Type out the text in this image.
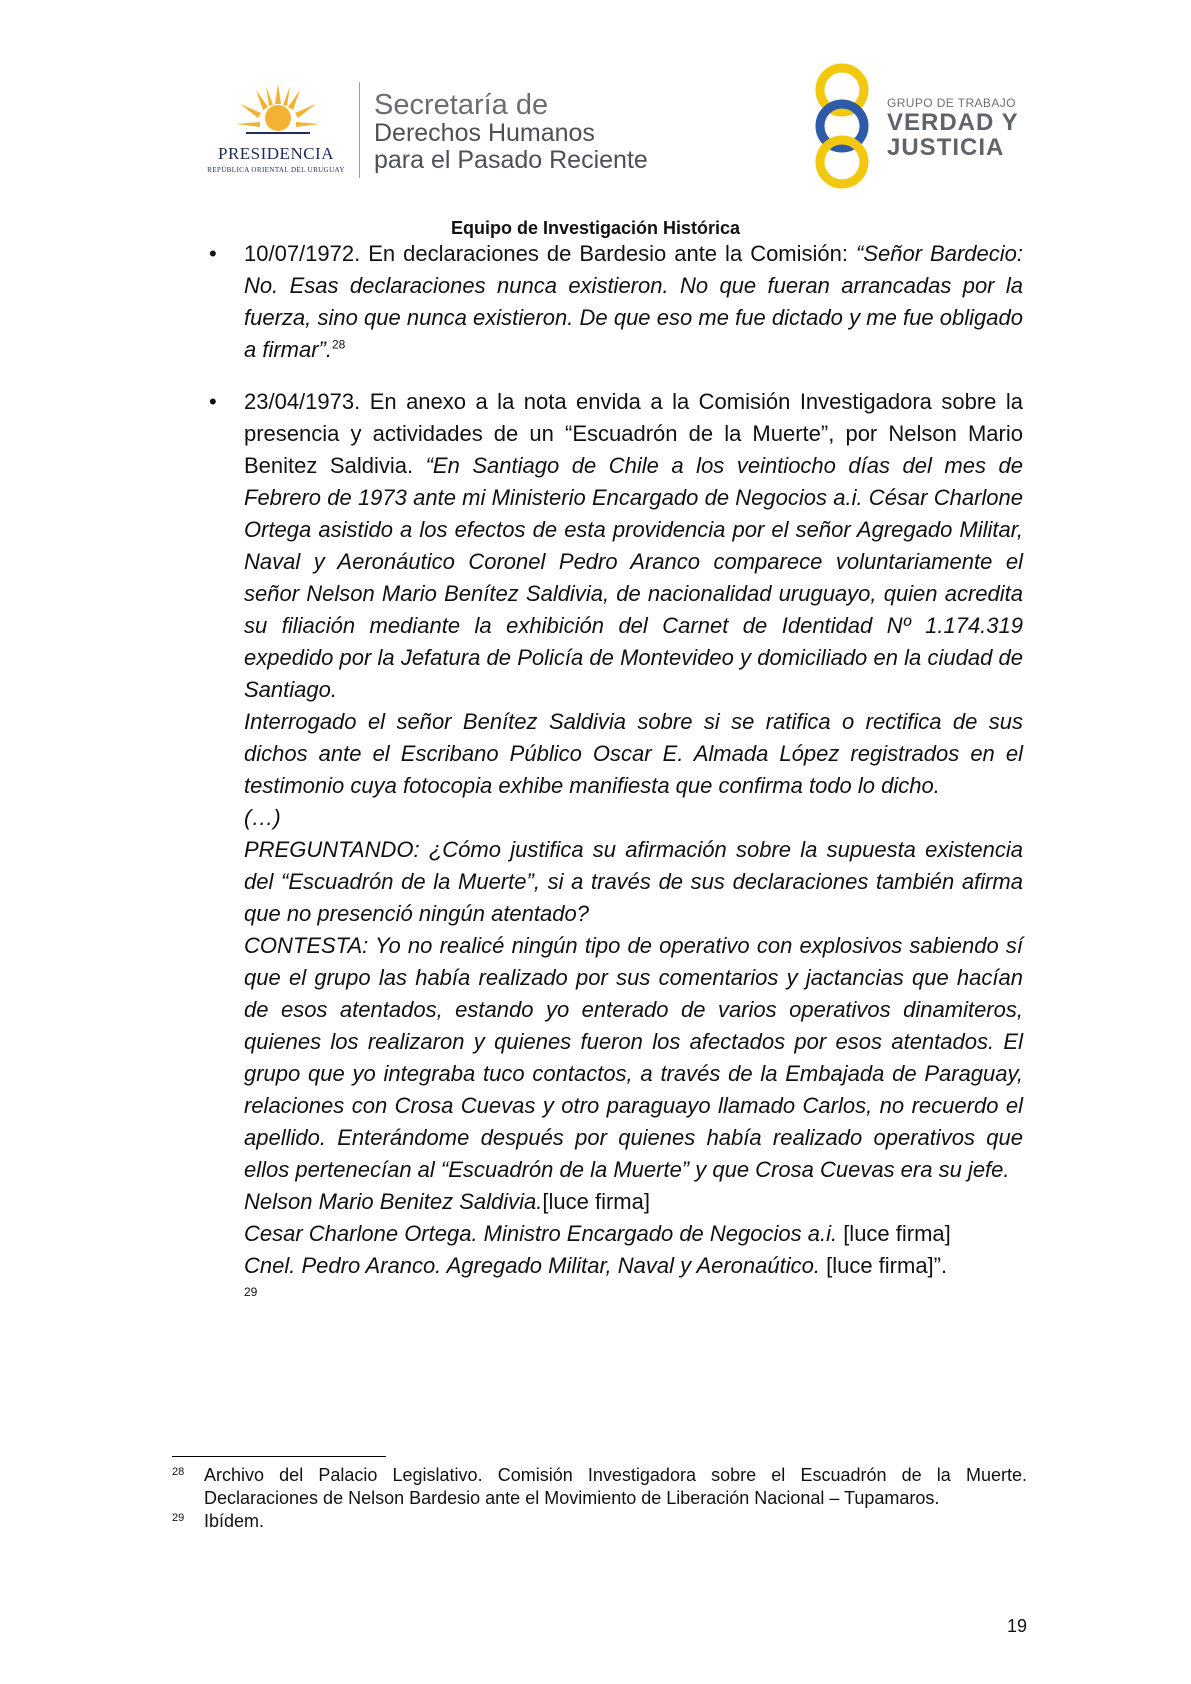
PRESIDENCIA
REPÚBLICA ORIENTAL DEL URUGUAY
Secretaría de
Derechos Humanos
para el Pasado Reciente
GRUPO DE TRABAJO
VERDAD Y
JUSTICIA
Equipo de Investigación Histórica
• 10/07/1972. En declaraciones de Bardesio ante la Comisión: “Señor Bardecio: No. Esas declaraciones nunca existieron. No que fueran arrancadas por la fuerza, sino que nunca existieron. De que eso me fue dictado y me fue obligado a firmar”.$^{28}$
• 23/04/1973. En anexo a la nota envida a la Comisión Investigadora sobre la presencia y actividades de un “Escuadrón de la Muerte”, por Nelson Mario Benitez Saldivia. “En Santiago de Chile a los veintiocho días del mes de Febrero de 1973 ante mi Ministerio Encargado de Negocios a.i. César Charlone Ortega asistido a los efectos de esta providencia por el señor Agregado Militar, Naval y Aeronáutico Coronel Pedro Aranco comparece voluntariamente el señor Nelson Mario Benítez Saldivia, de nacionalidad uruguayo, quien acredita su filiación mediante la exhibición del Carnet de Identidad Nº 1.174.319 expedido por la Jefatura de Policía de Montevideo y domiciliado en la ciudad de Santiago.
Interrogado el señor Benítez Saldivia sobre si se ratifica o rectifica de sus dichos ante el Escribano Público Oscar E. Almada López registrados en el testimonio cuya fotocopia exhibe manifiesta que confirma todo lo dicho.
(…)
PREGUNTANDO: ¿Cómo justifica su afirmación sobre la supuesta existencia del “Escuadrón de la Muerte”, si a través de sus declaraciones también afirma que no presenció ningún atentado?
CONTESTA: Yo no realicé ningún tipo de operativo con explosivos sabiendo sí que el grupo las había realizado por sus comentarios y jactancias que hacían de esos atentados, estando yo enterado de varios operativos dinamiteros, quienes los realizaron y quienes fueron los afectados por esos atentados. El grupo que yo integraba tuco contactos, a través de la Embajada de Paraguay, relaciones con Crosa Cuevas y otro paraguayo llamado Carlos, no recuerdo el apellido. Enterándome después por quienes había realizado operativos que ellos pertenecían al “Escuadrón de la Muerte” y que Crosa Cuevas era su jefe.
Nelson Mario Benitez Saldivia.[luce firma]
Cesar Charlone Ortega. Ministro Encargado de Negocios a.i. [luce firma]
Cnel. Pedro Aranco. Agregado Militar, Naval y Aeronaútico. [luce firma]”.
29
28 Archivo del Palacio Legislativo. Comisión Investigadora sobre el Escuadrón de la Muerte. Declaraciones de Nelson Bardesio ante el Movimiento de Liberación Nacional – Tupamaros.
29 Ibídem.
19
